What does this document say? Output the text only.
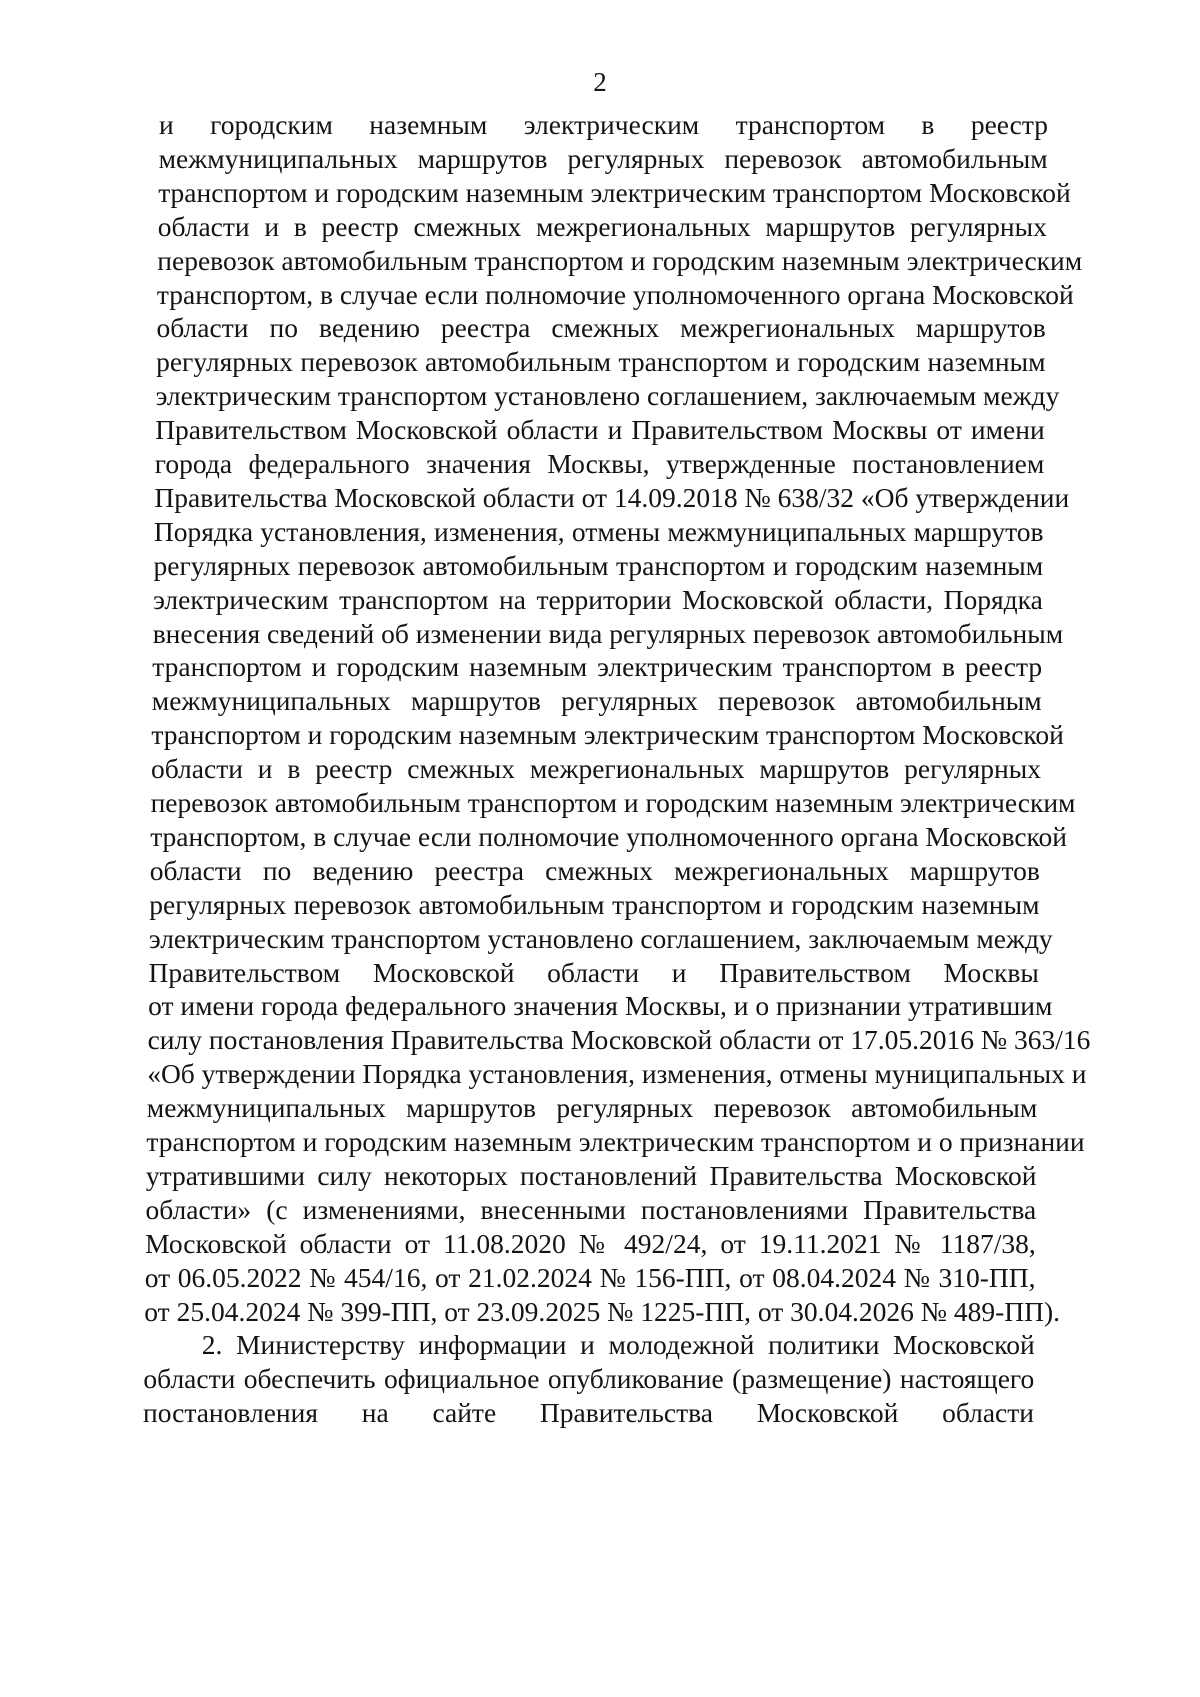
2
и городским наземным электрическим транспортом в реестр
межмуниципальных маршрутов регулярных перевозок автомобильным
транспортом и городским наземным электрическим транспортом Московской
области и в реестр смежных межрегиональных маршрутов регулярных
перевозок автомобильным транспортом и городским наземным электрическим
транспортом, в случае если полномочие уполномоченного органа Московской
области по ведению реестра смежных межрегиональных маршрутов
регулярных перевозок автомобильным транспортом и городским наземным
электрическим транспортом установлено соглашением, заключаемым между
Правительством Московской области и Правительством Москвы от имени
города федерального значения Москвы, утвержденные постановлением
Правительства Московской области от 14.09.2018 № 638/32 «Об утверждении
Порядка установления, изменения, отмены межмуниципальных маршрутов
регулярных перевозок автомобильным транспортом и городским наземным
электрическим транспортом на территории Московской области, Порядка
внесения сведений об изменении вида регулярных перевозок автомобильным
транспортом и городским наземным электрическим транспортом в реестр
межмуниципальных маршрутов регулярных перевозок автомобильным
транспортом и городским наземным электрическим транспортом Московской
области и в реестр смежных межрегиональных маршрутов регулярных
перевозок автомобильным транспортом и городским наземным электрическим
транспортом, в случае если полномочие уполномоченного органа Московской
области по ведению реестра смежных межрегиональных маршрутов
регулярных перевозок автомобильным транспортом и городским наземным
электрическим транспортом установлено соглашением, заключаемым между
Правительством Московской области и Правительством Москвы
от имени города федерального значения Москвы, и о признании утратившим
силу постановления Правительства Московской области от 17.05.2016 № 363/16
«Об утверждении Порядка установления, изменения, отмены муниципальных и
межмуниципальных маршрутов регулярных перевозок автомобильным
транспортом и городским наземным электрическим транспортом и о признании
утратившими силу некоторых постановлений Правительства Московской
области» (с изменениями, внесенными постановлениями Правительства
Московской области от 11.08.2020 № 492/24, от 19.11.2021 № 1187/38,
от 06.05.2022 № 454/16, от 21.02.2024 № 156-ПП, от 08.04.2024 № 310-ПП,
от 25.04.2024 № 399-ПП, от 23.09.2025 № 1225-ПП, от 30.04.2026 № 489-ПП).
2. Министерству информации и молодежной политики Московской
области обеспечить официальное опубликование (размещение) настоящего
постановления на сайте Правительства Московской области
